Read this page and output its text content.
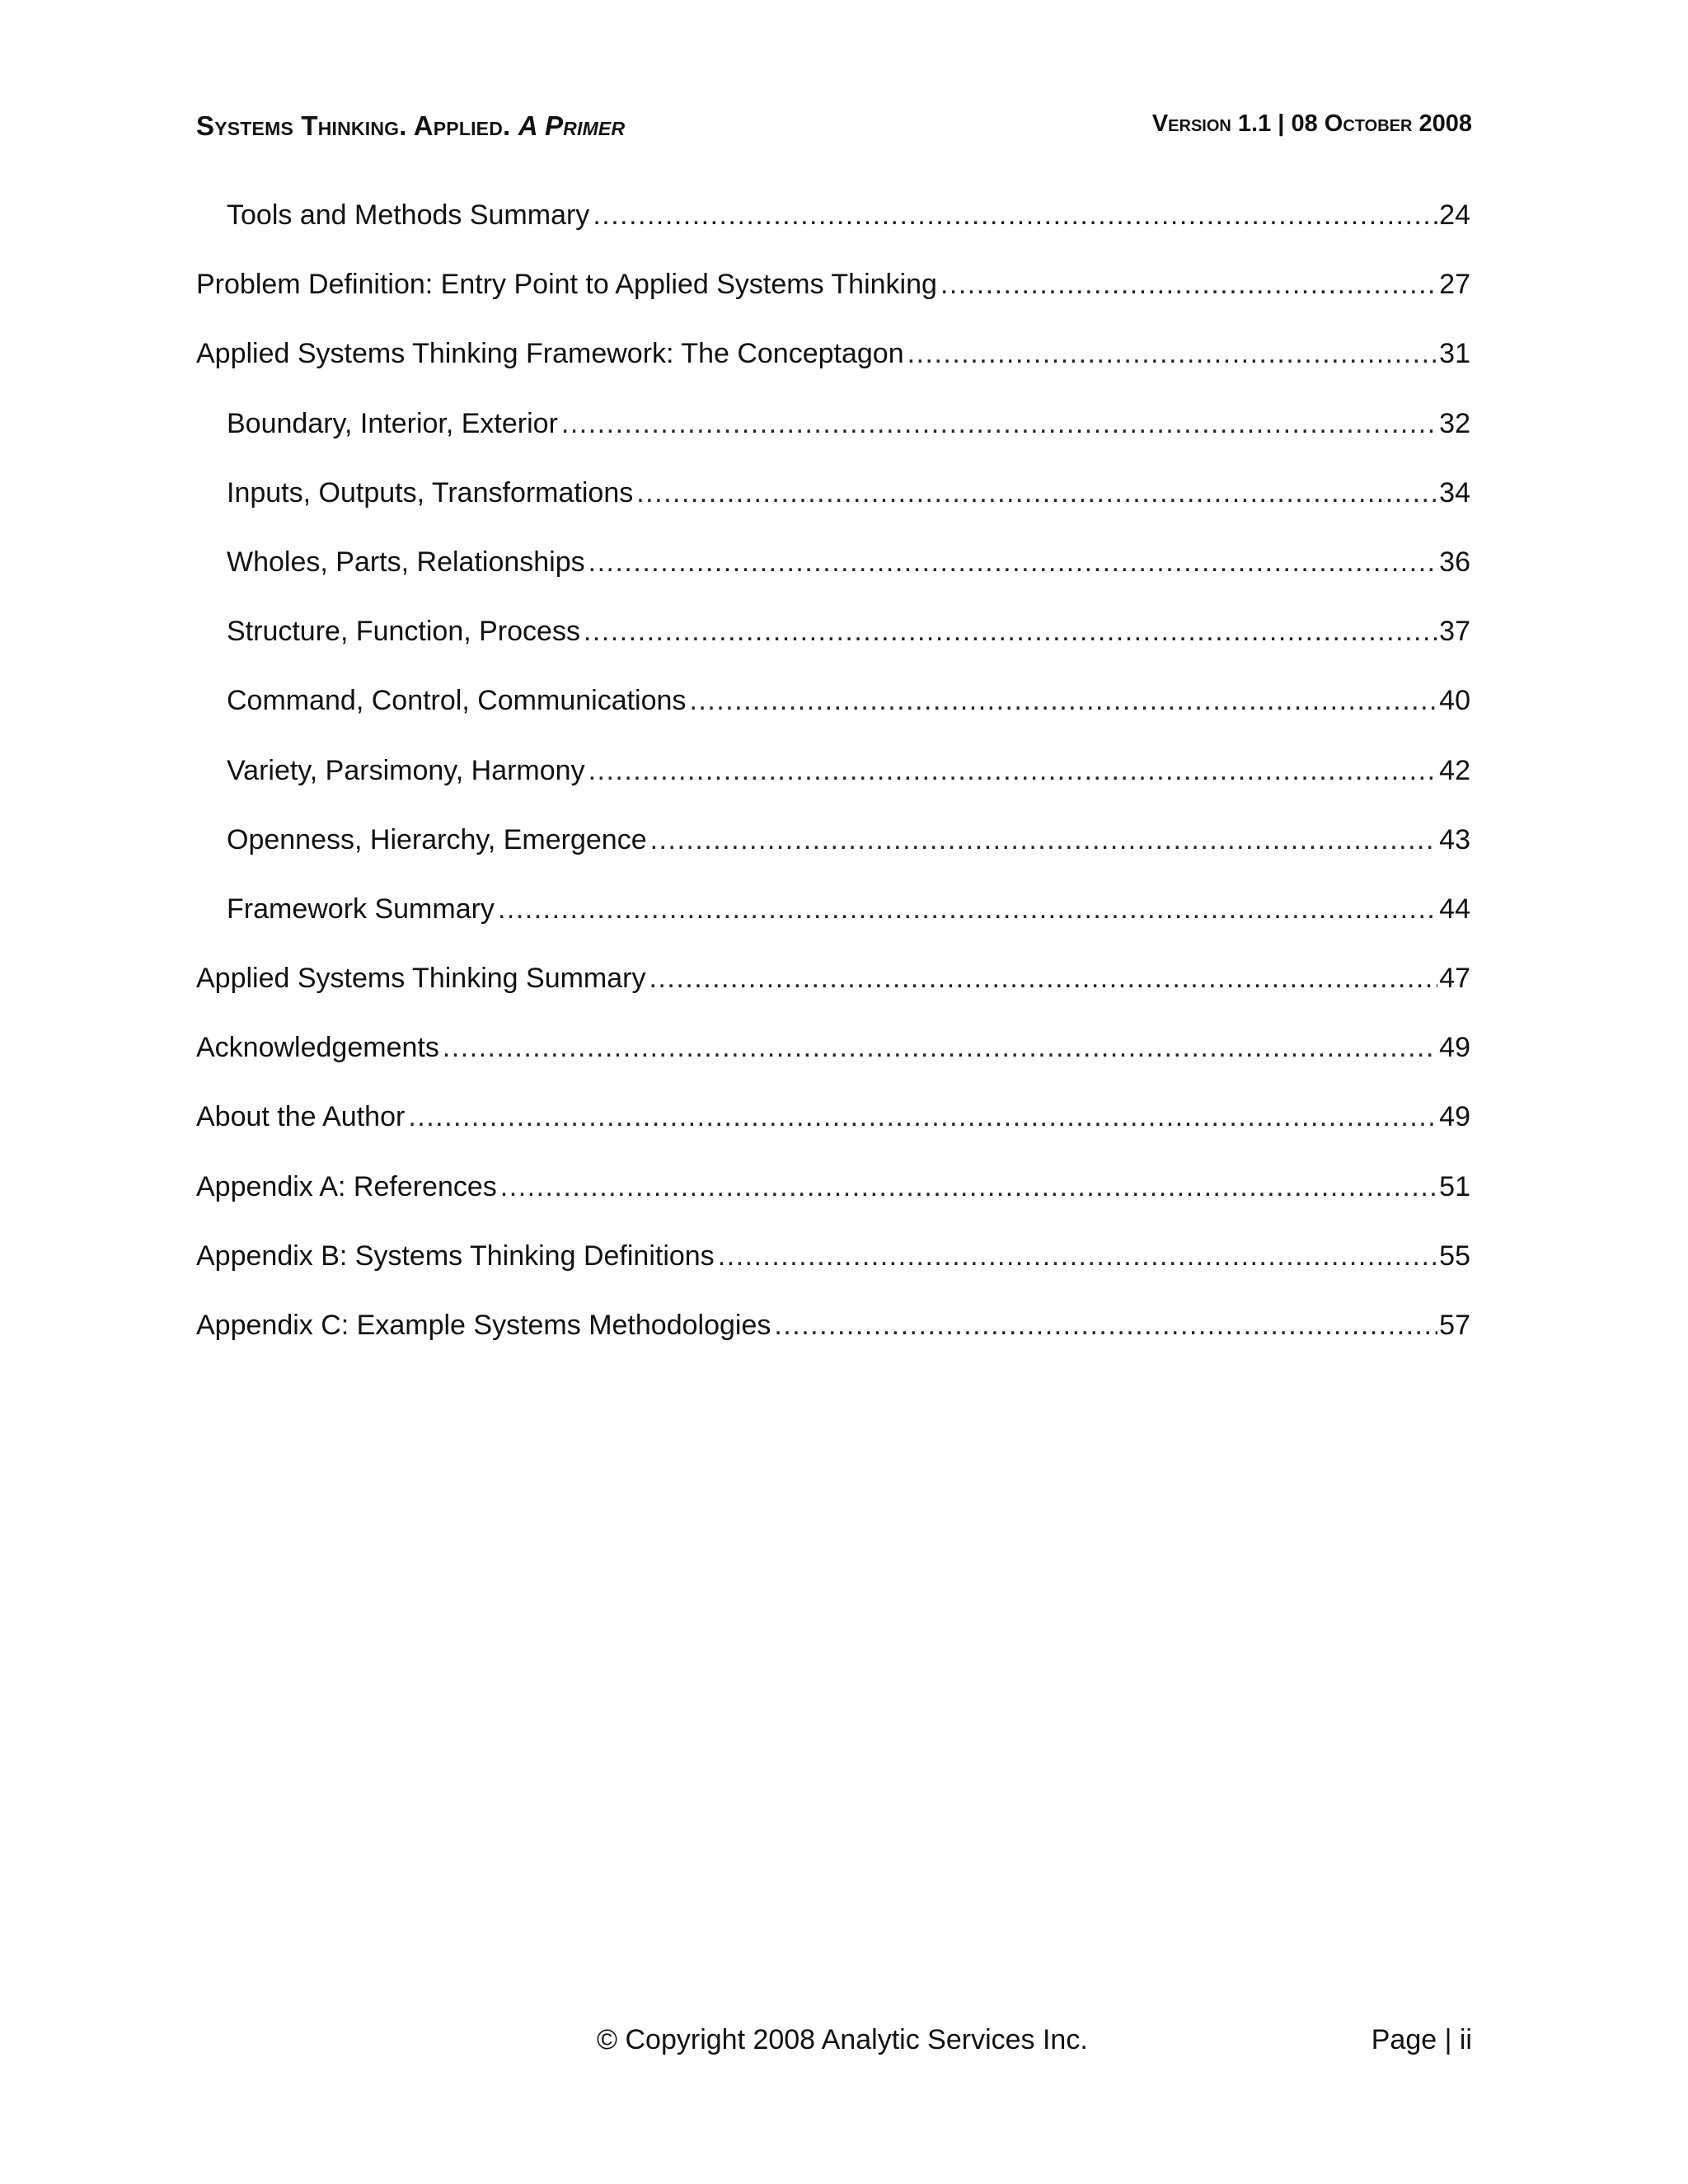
Systems Thinking. Applied. A Primer	Version 1.1 | 08 October 2008
Tools and Methods Summary .....	24
Problem Definition: Entry Point to Applied Systems Thinking .....	27
Applied Systems Thinking Framework: The Conceptagon .....	31
Boundary, Interior, Exterior .....	32
Inputs, Outputs, Transformations .....	34
Wholes, Parts, Relationships .....	36
Structure, Function, Process .....	37
Command, Control, Communications .....	40
Variety, Parsimony, Harmony .....	42
Openness, Hierarchy, Emergence .....	43
Framework Summary .....	44
Applied Systems Thinking Summary .....	47
Acknowledgements .....	49
About the Author .....	49
Appendix A: References .....	51
Appendix B: Systems Thinking Definitions .....	55
Appendix C: Example Systems Methodologies .....	57
© Copyright 2008 Analytic Services Inc.	Page | ii
